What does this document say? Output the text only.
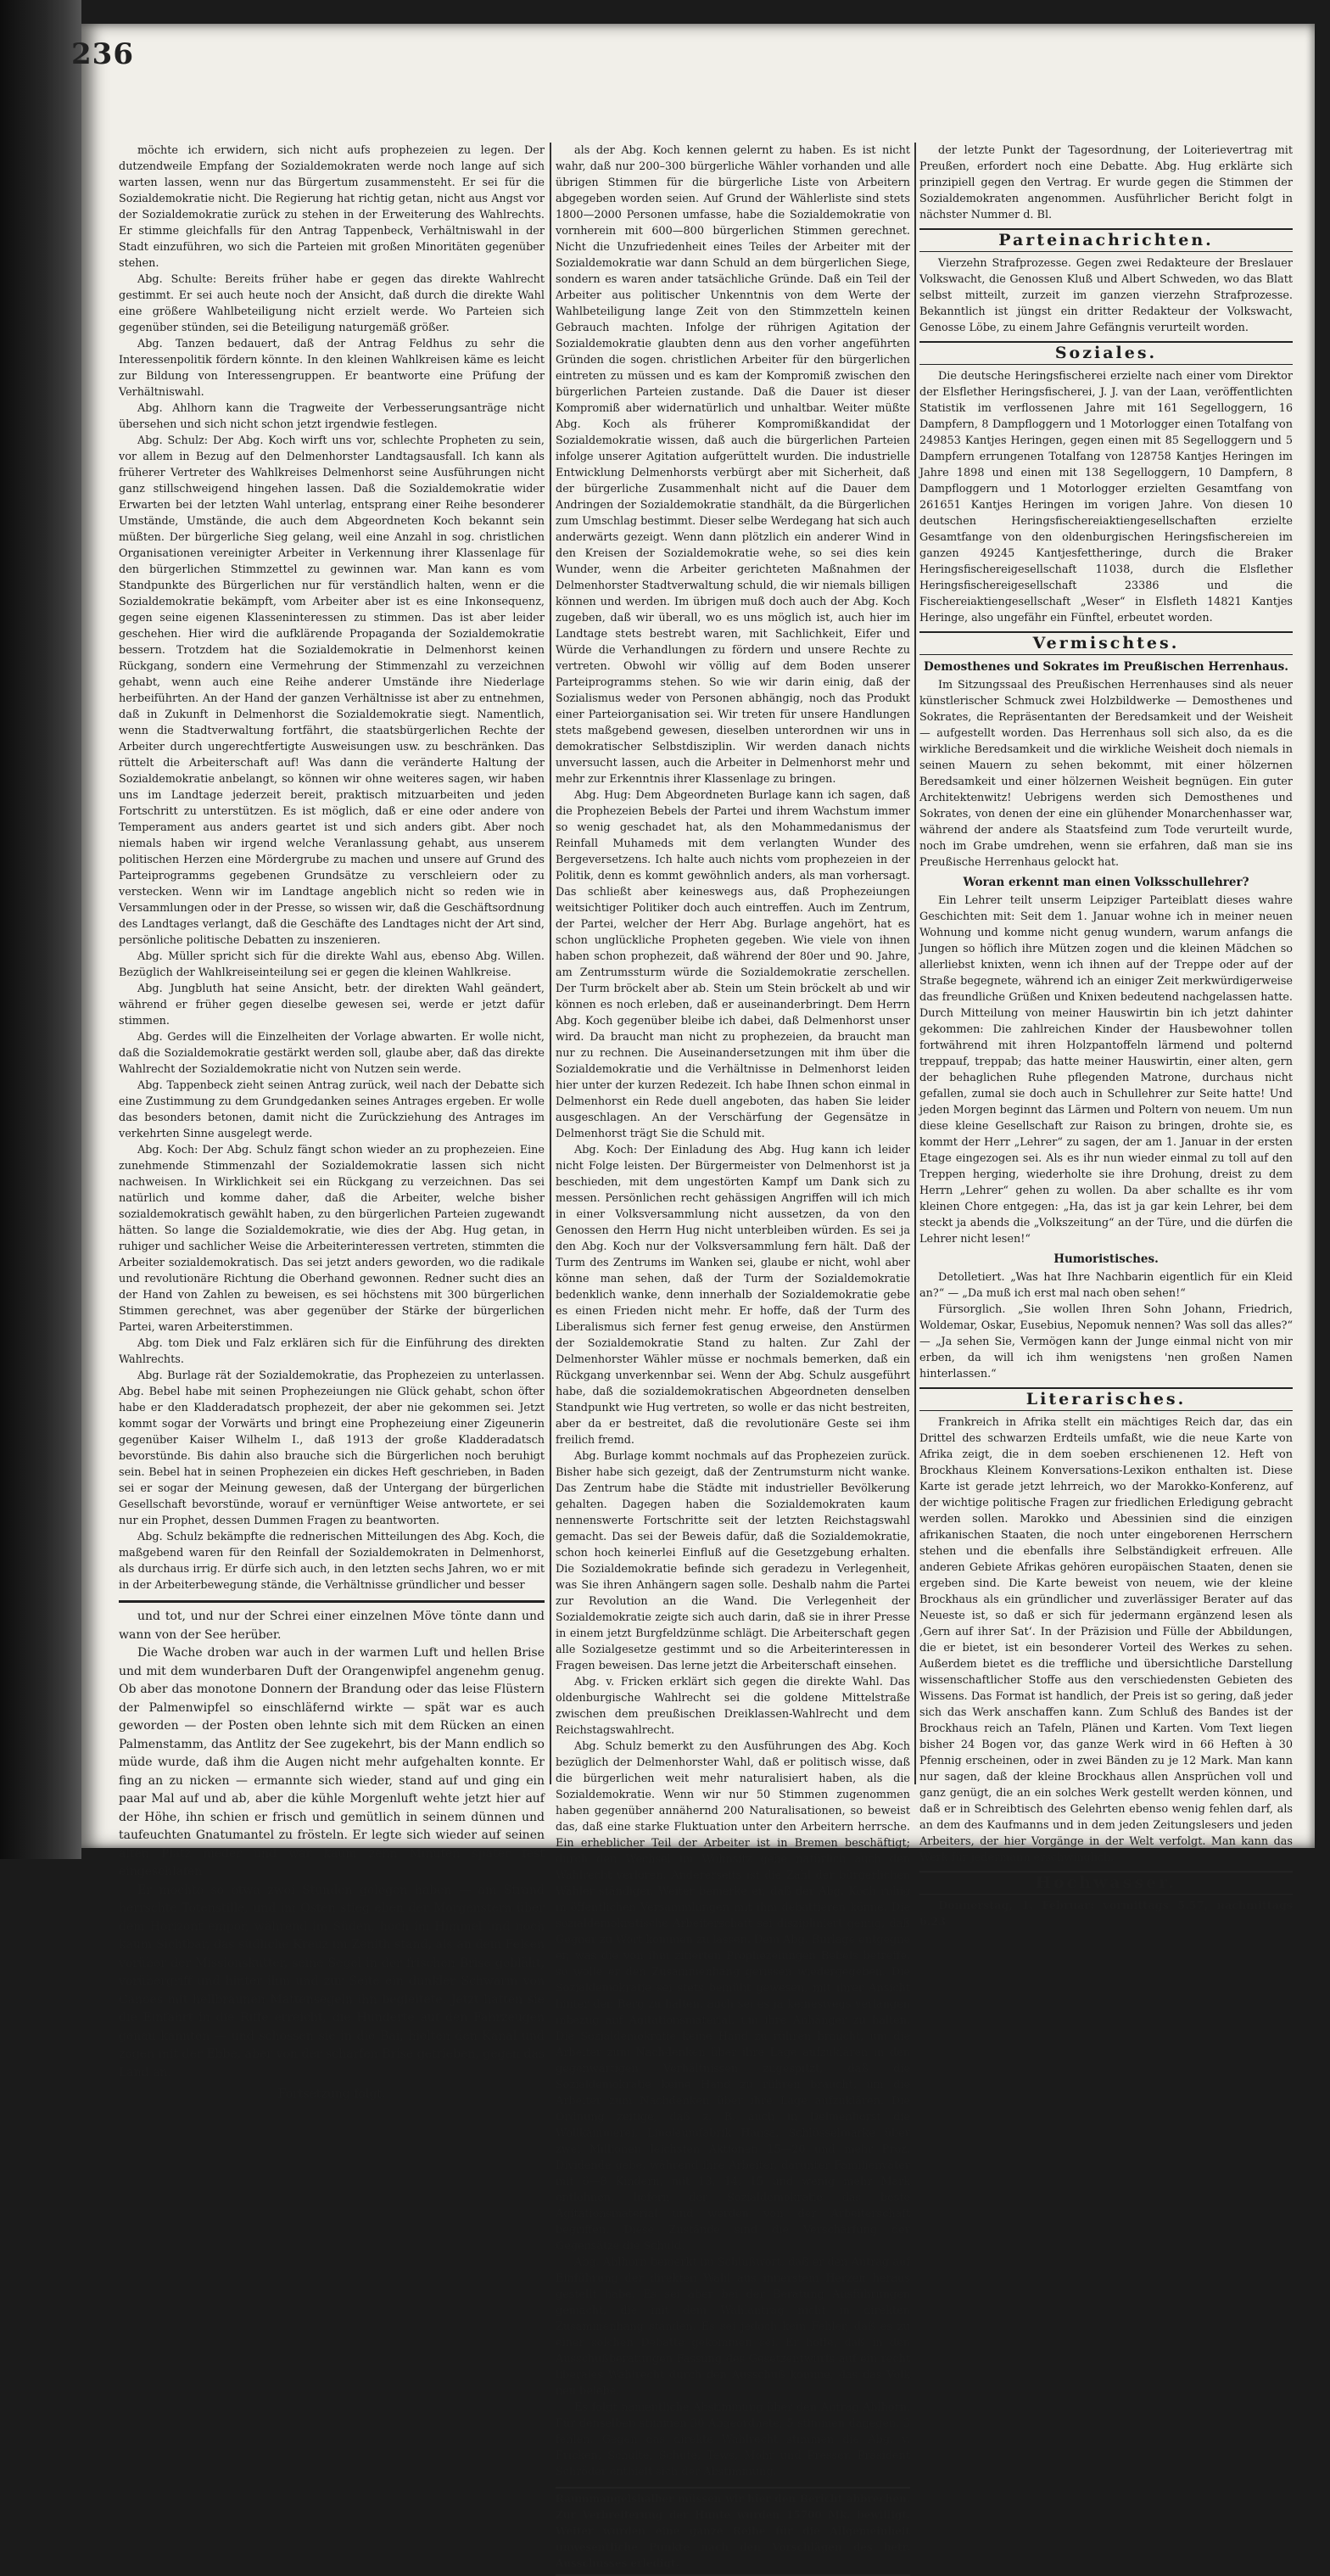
236

möchte ich erwidern, sich nicht aufs prophezeien zu legen. Der dutzendweile Empfang der Sozialdemokraten werde noch lange auf sich warten lassen, wenn nur das Bürgertum zusammensteht. Er sei für die Sozialdemokratie nicht. Die Regierung hat richtig getan, nicht aus Angst vor der Sozialdemokratie zurück zu stehen in der Erweiterung des Wahlrechts. Er stimme gleichfalls für den Antrag Tappenbeck, Verhältniswahl in der Stadt einzuführen, wo sich die Parteien mit großen Minoritäten gegenüber stehen.

Abg. Schulte: Bereits früher habe er gegen das direkte Wahlrecht gestimmt. Er sei auch heute noch der Ansicht, daß durch die direkte Wahl eine größere Wahlbeteiligung nicht erzielt werde. Wo Parteien sich gegenüber stünden, sei die Beteiligung naturgemäß größer.

Abg. Tanzen bedauert, daß der Antrag Feldhus zu sehr die Interessenpolitik fördern könnte. In den kleinen Wahlkreisen käme es leicht zur Bildung von Interessengruppen. Er beantworte eine Prüfung der Verhältniswahl.

Abg. Ahlhorn kann die Tragweite der Verbesserungsanträge nicht übersehen und sich nicht schon jetzt irgendwie festlegen.

Abg. Schulz: Der Abg. Koch wirft uns vor, schlechte Propheten zu sein, vor allem in Bezug auf den Delmenhorster Landtagsausfall. Ich kann als früherer Vertreter des Wahlkreises Delmenhorst seine Ausführungen nicht ganz stillschweigend hingehen lassen. Daß die Sozialdemokratie wider Erwarten bei der letzten Wahl unterlag, entsprang einer Reihe besonderer Umstände, Umstände, die auch dem Abgeordneten Koch bekannt sein müßten. Der bürgerliche Sieg gelang, weil eine Anzahl in sog. christlichen Organisationen vereinigter Arbeiter in Verkennung ihrer Klassenlage für den bürgerlichen Stimmzettel zu gewinnen war. Man kann es vom Standpunkte des Bürgerlichen nur für verständlich halten, wenn er die Sozialdemokratie bekämpft, vom Arbeiter aber ist es eine Inkonsequenz, gegen seine eigenen Klasseninteressen zu stimmen. Das ist aber leider geschehen. Hier wird die aufklärende Propaganda der Sozialdemokratie bessern. Trotzdem hat die Sozialdemokratie in Delmenhorst keinen Rückgang, sondern eine Vermehrung der Stimmenzahl zu verzeichnen gehabt, wenn auch eine Reihe anderer Umstände ihre Niederlage herbeiführten. An der Hand der ganzen Verhältnisse ist aber zu entnehmen, daß in Zukunft in Delmenhorst die Sozialdemokratie siegt. Namentlich, wenn die Stadtverwaltung fortfährt, die staatsbürgerlichen Rechte der Arbeiter durch ungerechtfertigte Ausweisungen usw. zu beschränken. Das rüttelt die Arbeiterschaft auf! Was dann die veränderte Haltung der Sozialdemokratie anbelangt, so können wir ohne weiteres sagen, wir haben uns im Landtage jederzeit bereit, praktisch mitzuarbeiten und jeden Fortschritt zu unterstützen. Es ist möglich, daß er eine oder andere von Temperament aus anders geartet ist und sich anders gibt. Aber noch niemals haben wir irgend welche Veranlassung gehabt, aus unserem politischen Herzen eine Mördergrube zu machen und unsere auf Grund des Parteiprogramms gegebenen Grundsätze zu verschleiern oder zu verstecken. Wenn wir im Landtage angeblich nicht so reden wie in Versammlungen oder in der Presse, so wissen wir, daß die Geschäftsordnung des Landtages verlangt, daß die Geschäfte des Landtages nicht der Art sind, persönliche politische Debatten zu inszenieren.

Abg. Müller spricht sich für die direkte Wahl aus, ebenso Abg. Willen. Bezüglich der Wahlkreiseinteilung sei er gegen die kleinen Wahlkreise.

Abg. Jungbluth hat seine Ansicht, betr. der direkten Wahl geändert, während er früher gegen dieselbe gewesen sei, werde er jetzt dafür stimmen.

Abg. Gerdes will die Einzelheiten der Vorlage abwarten. Er wolle nicht, daß die Sozialdemokratie gestärkt werden soll, glaube aber, daß das direkte Wahlrecht der Sozialdemokratie nicht von Nutzen sein werde.

Abg. Tappenbeck zieht seinen Antrag zurück, weil nach der Debatte sich eine Zustimmung zu dem Grundgedanken seines Antrages ergeben. Er wolle das besonders betonen, damit nicht die Zurückziehung des Antrages im verkehrten Sinne ausgelegt werde.

Abg. Koch: Der Abg. Schulz fängt schon wieder an zu prophezeien. Eine zunehmende Stimmenzahl der Sozialdemokratie lassen sich nicht nachweisen. In Wirklichkeit sei ein Rückgang zu verzeichnen. Das sei natürlich und komme daher, daß die Arbeiter, welche bisher sozialdemokratisch gewählt haben, zu den bürgerlichen Parteien zugewandt hätten. So lange die Sozialdemokratie, wie dies der Abg. Hug getan, in ruhiger und sachlicher Weise die Arbeiterinteressen vertreten, stimmten die Arbeiter sozialdemokratisch. Das sei jetzt anders geworden, wo die radikale und revolutionäre Richtung die Oberhand gewonnen. Redner sucht dies an der Hand von Zahlen zu beweisen, es sei höchstens mit 300 bürgerlichen Stimmen gerechnet, was aber gegenüber der Stärke der bürgerlichen Partei, waren Arbeiterstimmen.

Abg. tom Diek und Falz erklären sich für die Einführung des direkten Wahlrechts.

Abg. Burlage rät der Sozialdemokratie, das Prophezeien zu unterlassen. Abg. Bebel habe mit seinen Prophezeiungen nie Glück gehabt, schon öfter habe er den Kladderadatsch prophezeit, der aber nie gekommen sei. Jetzt kommt sogar der Vorwärts und bringt eine Prophezeiung einer Zigeunerin gegenüber Kaiser Wilhelm I., daß 1913 der große Kladderadatsch bevorstünde. Bis dahin also brauche sich die Bürgerlichen noch beruhigt sein. Bebel hat in seinen Prophezeien ein dickes Heft geschrieben, in Baden sei er sogar der Meinung gewesen, daß der Untergang der bürgerlichen Gesellschaft bevorstünde, worauf er vernünftiger Weise antwortete, er sei nur ein Prophet, dessen Dummen Fragen zu beantworten.

Abg. Schulz bekämpfte die rednerischen Mitteilungen des Abg. Koch, die maßgebend waren für den Reinfall der Sozialdemokraten in Delmenhorst, als durchaus irrig. Er dürfe sich auch, in den letzten sechs Jahren, wo er mit in der Arbeiterbewegung stände, die Verhältnisse gründlicher und besser

und tot, und nur der Schrei einer einzelnen Möve tönte dann und wann von der See herüber.

Die Wache droben war auch in der warmen Luft und hellen Brise und mit dem wunderbaren Duft der Orangenwipfel angenehm genug. Ob aber das monotone Donnern der Brandung oder das leise Flüstern der Palmenwipfel so einschläfernd wirkte — spät war es auch geworden — der Posten oben lehnte sich mit dem Rücken an einen Palmenstamm, das Antlitz der See zugekehrt, bis der Mann endlich so müde wurde, daß ihm die Augen nicht mehr aufgehalten konnte. Er fing an zu nicken — ermannte sich wieder, stand auf und ging ein paar Mal auf und ab, aber die kühle Morgenluft wehte jetzt hier auf der Höhe, ihn schien er frisch und gemütlich in seinem dünnen und taufeuchten Gnatumantel zu frösteln. Er legte sich wieder auf seinen alten Platz nieder und war kaum zehn Minuten später fest eingeschlafen.

Er mochte so etwa zwei Stunden gelegen haben — am Strand herrschte Totenstille, und im Osten stieg eben der Morgenstern über dem Horizont empor, während im Süden, hoch im Himmel und noch kaum Sichtbar, das südliche Kreuz im Zenith stand, als an dem Felsen vorüber der Missionskutter, seine Segel in der frischen Brise gebläht, vorübergriff und hinter ihm und zur Seite ein dunkler Schwarm von Canoes mit hellbraunen Mattensegeln ihn begleitete. Jetzt hatten sie die Einfahrt in die Riffe erreicht, die Hunderte auf den Fahrzeugen genau kannten — und schossen sie in die Bai, hielten den Kanal und zogen mit der Ebbe, aber von der scharfen Brise getrieben, gegen das Land an.

Fortsetzung folgt.

als der Abg. Koch kennen gelernt zu haben. Es ist nicht wahr, daß nur 200–300 bürgerliche Wähler vorhanden und alle übrigen Stimmen für die bürgerliche Liste von Arbeitern abgegeben worden seien. Auf Grund der Wählerliste sind stets 1800—2000 Personen umfasse, habe die Sozialdemokratie von vornherein mit 600—800 bürgerlichen Stimmen gerechnet. Nicht die Unzufriedenheit eines Teiles der Arbeiter mit der Sozialdemokratie war dann Schuld an dem bürgerlichen Siege, sondern es waren ander tatsächliche Gründe. Daß ein Teil der Arbeiter aus politischer Unkenntnis von dem Werte der Wahlbeteiligung lange Zeit von den Stimmzetteln keinen Gebrauch machten. Infolge der rührigen Agitation der Sozialdemokratie glaubten denn aus den vorher angeführten Gründen die sogen. christlichen Arbeiter für den bürgerlichen eintreten zu müssen und es kam der Kompromiß zwischen den bürgerlichen Parteien zustande. Daß die Dauer ist dieser Kompromiß aber widernatürlich und unhaltbar. Weiter müßte Abg. Koch als früherer Kompromißkandidat der Sozialdemokratie wissen, daß auch die bürgerlichen Parteien infolge unserer Agitation aufgerüttelt wurden. Die industrielle Entwicklung Delmenhorsts verbürgt aber mit Sicherheit, daß der bürgerliche Zusammenhalt nicht auf die Dauer dem Andringen der Sozialdemokratie standhält, da die Bürgerlichen zum Umschlag bestimmt. Dieser selbe Werdegang hat sich auch anderwärts gezeigt. Wenn dann plötzlich ein anderer Wind in den Kreisen der Sozialdemokratie wehe, so sei dies kein Wunder, wenn die Arbeiter gerichteten Maßnahmen der Delmenhorster Stadtverwaltung schuld, die wir niemals billigen können und werden. Im übrigen muß doch auch der Abg. Koch zugeben, daß wir überall, wo es uns möglich ist, auch hier im Landtage stets bestrebt waren, mit Sachlichkeit, Eifer und Würde die Verhandlungen zu fördern und unsere Rechte zu vertreten. Obwohl wir völlig auf dem Boden unserer Parteiprogramms stehen. So wie wir darin einig, daß der Sozialismus weder von Personen abhängig, noch das Produkt einer Parteiorganisation sei. Wir treten für unsere Handlungen stets maßgebend gewesen, dieselben unterordnen wir uns in demokratischer Selbstdisziplin. Wir werden danach nichts unversucht lassen, auch die Arbeiter in Delmenhorst mehr und mehr zur Erkenntnis ihrer Klassenlage zu bringen.

Abg. Hug: Dem Abgeordneten Burlage kann ich sagen, daß die Prophezeien Bebels der Partei und ihrem Wachstum immer so wenig geschadet hat, als den Mohammedanismus der Reinfall Muhameds mit dem verlangten Wunder des Bergeversetzens. Ich halte auch nichts vom prophezeien in der Politik, denn es kommt gewöhnlich anders, als man vorhersagt. Das schließt aber keineswegs aus, daß Prophezeiungen weitsichtiger Politiker doch auch eintreffen. Auch im Zentrum, der Partei, welcher der Herr Abg. Burlage angehört, hat es schon unglückliche Propheten gegeben. Wie viele von ihnen haben schon prophezeit, daß während der 80er und 90. Jahre, am Zentrumssturm würde die Sozialdemokratie zerschellen. Der Turm bröckelt aber ab. Stein um Stein bröckelt ab und wir können es noch erleben, daß er auseinanderbringt. Dem Herrn Abg. Koch gegenüber bleibe ich dabei, daß Delmenhorst unser wird. Da braucht man nicht zu prophezeien, da braucht man nur zu rechnen. Die Auseinandersetzungen mit ihm über die Sozialdemokratie und die Verhältnisse in Delmenhorst leiden hier unter der kurzen Redezeit. Ich habe Ihnen schon einmal in Delmenhorst ein Rede duell angeboten, das haben Sie leider ausgeschlagen. An der Verschärfung der Gegensätze in Delmenhorst trägt Sie die Schuld mit.

Abg. Koch: Der Einladung des Abg. Hug kann ich leider nicht Folge leisten. Der Bürgermeister von Delmenhorst ist ja beschieden, mit dem ungestörten Kampf um Dank sich zu messen. Persönlichen recht gehässigen Angriffen will ich mich in einer Volksversammlung nicht aussetzen, da von den Genossen den Herrn Hug nicht unterbleiben würden. Es sei ja den Abg. Koch nur der Volksversammlung fern hält. Daß der Turm des Zentrums im Wanken sei, glaube er nicht, wohl aber könne man sehen, daß der Turm der Sozialdemokratie bedenklich wanke, denn innerhalb der Sozialdemokratie gebe es einen Frieden nicht mehr. Er hoffe, daß der Turm des Liberalismus sich ferner fest genug erweise, den Anstürmen der Sozialdemokratie Stand zu halten. Zur Zahl der Delmenhorster Wähler müsse er nochmals bemerken, daß ein Rückgang unverkennbar sei. Wenn der Abg. Schulz ausgeführt habe, daß die sozialdemokratischen Abgeordneten denselben Standpunkt wie Hug vertreten, so wolle er das nicht bestreiten, aber da er bestreitet, daß die revolutionäre Geste sei ihm freilich fremd.

Abg. Burlage kommt nochmals auf das Prophezeien zurück. Bisher habe sich gezeigt, daß der Zentrumsturm nicht wanke. Das Zentrum habe die Städte mit industrieller Bevölkerung gehalten. Dagegen haben die Sozialdemokraten kaum nennenswerte Fortschritte seit der letzten Reichstagswahl gemacht. Das sei der Beweis dafür, daß die Sozialdemokratie, schon hoch keinerlei Einfluß auf die Gesetzgebung erhalten. Die Sozialdemokratie befinde sich geradezu in Verlegenheit, was Sie ihren Anhängern sagen solle. Deshalb nahm die Partei zur Revolution an die Wand. Die Verlegenheit der Sozialdemokratie zeigte sich auch darin, daß sie in ihrer Presse in einem jetzt Burgfeldzünme schlägt. Die Arbeiterschaft gegen alle Sozialgesetze gestimmt und so die Arbeiterinteressen in Fragen beweisen. Das lerne jetzt die Arbeiterschaft einsehen.

Abg. v. Fricken erklärt sich gegen die direkte Wahl. Das oldenburgische Wahlrecht sei die goldene Mittelstraße zwischen dem preußischen Dreiklassen-Wahlrecht und dem Reichstagswahlrecht.

Abg. Schulz bemerkt zu den Ausführungen des Abg. Koch bezüglich der Delmenhorster Wahl, daß er politisch wisse, daß die bürgerlichen weit mehr naturalisiert haben, als die Sozialdemokratie. Wenn wir nur 50 Stimmen zugenommen haben gegenüber annähernd 200 Naturalisationen, so beweist das, daß eine starke Fluktuation unter den Arbeitern herrsche. Ein erheblicher Teil der Arbeiter ist in Bremen beschäftigt; durch den Wechsel im Wohnsitz gehe natürlich auch den Wahlrecht verloren. Andererseits ist die Zahl der bürgerlichen Wähler ständiger. Weiter bemerke er, daß der Abg. Koch ruhig in öffentlichen Versammlungen mit ihm debattieren könne. Die sozialdemokratische Arbeiterschaft sei diszipliniert genug, daß Gegner zu Wort kommen zu lassen. Dem Abg. Burlage entgegne er, was die von ihm zitierten Prophezeiungen Bebels betreffe, so wolle er den Zusammenhang gerissen wiedergegeben. Die Sozialdemokratie sei stets bemüht gewesen, mit ihrer Ansicht hinter den Berg zu halten, auch sei es ja keineswegs verlangen inbezug auf Agitationsmaterial, um ihre Anhänger zu halten. Die Sozialdemokratie keine Hand zu rühren braucht, um die Arbeiter zum Nachdenken über ihre Lage aufzuklären in den gegenwärtigen Verhältnissen zugespitzt, daß die Sozialdemokratie keine Hand zu rühren braucht, um die Arbeiter zum Nachdenken über ihre Lage aufzuklären. Die Ordnung zeitige, daß z. B. auch in Delmenhorst die Wollkämmerei, Linoleumfabrik Hansa, Schlüsselmarke über zwei Millionen leichsten Aktionen 15—20 und mehr Proz. Dividende gebe, während ihre Arbeiter, darunter Familienväter mit 6—8 Kindern, mit 13, 14, 15 und wenig mehr Mark entlohnen, liefern der Sozialdemokratie das beste Agitationsmaterial und werden von der Arbeiterschaft begriffen. Diese Zustände sind die Verschärfung der Gegensätze die Schuld.

Abg. Ahlhorn bemerkt im Schlußwort, daß er den Antrag auf Einführung der direkten Wahl aus innerstem Herzen heraus gestellt habe. Es sei aber bei der Beratung Ausführungen gemacht, die mit dem Wahlantrag nicht in direkten Zusammenhang ständen. Es sei jedoch kein Fehler, daß es zu einer solchen Debatte gekommen sei. Er hoffe, daß in den Ausschußberatungen Fassung des Gesetzentwurfs auf ein recht liberales Wahlrecht durch den Ausschuß komme, das das Volk neu belebe.

Es folgt namentliche Abstimmung über den Antrag Ahlhorn. Für denselben stimmen 30 Abgeordnete, 5 stimmen dagegen, 3 fehlen. Gegen das direkte Wahlrecht stimmen die Abg. v. Fricken, Schulte, Schute, Tews, Mohr und Presser. Präsident Schröder enthielt sich der Abstimmung.

Raummangelshalber müssen wir hier den Bericht abbrechen. Zur Verbreiterung der Hunte wurden 15700 Mk. bewilligt. Weiter wurden eine ganze Reihe für die Allgemeinheit unwesentliche Punkte nach den Vorschlägen des betr. Ausschusses erledigt.

der letzte Punkt der Tagesordnung, der Loiterievertrag mit Preußen, erfordert noch eine Debatte. Abg. Hug erklärte sich prinzipiell gegen den Vertrag. Er wurde gegen die Stimmen der Sozialdemokraten angenommen. Ausführlicher Bericht folgt in nächster Nummer d. Bl.

Parteinachrichten.

Vierzehn Strafprozesse. Gegen zwei Redakteure der Breslauer Volkswacht, die Genossen Kluß und Albert Schweden, wo das Blatt selbst mitteilt, zurzeit im ganzen vierzehn Strafprozesse. Bekanntlich ist jüngst ein dritter Redakteur der Volkswacht, Genosse Löbe, zu einem Jahre Gefängnis verurteilt worden.

Soziales.

Die deutsche Heringsfischerei erzielte nach einer vom Direktor der Elsflether Heringsfischerei, J. J. van der Laan, veröffentlichten Statistik im verflossenen Jahre mit 161 Segelloggern, 16 Dampfern, 8 Dampfloggern und 1 Motorlogger einen Totalfang von 249853 Kantjes Heringen, gegen einen mit 85 Segelloggern und 5 Dampfern errungenen Totalfang von 128758 Kantjes Heringen im Jahre 1898 und einen mit 138 Segelloggern, 10 Dampfern, 8 Dampfloggern und 1 Motorlogger erzielten Gesamtfang von 261651 Kantjes Heringen im vorigen Jahre. Von diesen 10 deutschen Heringsfischereiaktiengesellschaften erzielte Gesamtfange von den oldenburgischen Heringsfischereien im ganzen 49245 Kantjesfettheringe, durch die Braker Heringsfischereigesellschaft 11038, durch die Elsflether Heringsfischereigesellschaft 23386 und die Fischereiaktiengesellschaft „Weser“ in Elsfleth 14821 Kantjes Heringe, also ungefähr ein Fünftel, erbeutet worden.

Vermischtes.
Demosthenes und Sokrates im Preußischen Herrenhaus.

Im Sitzungssaal des Preußischen Herrenhauses sind als neuer künstlerischer Schmuck zwei Holzbildwerke — Demosthenes und Sokrates, die Repräsentanten der Beredsamkeit und der Weisheit — aufgestellt worden. Das Herrenhaus soll sich also, da es die wirkliche Beredsamkeit und die wirkliche Weisheit doch niemals in seinen Mauern zu sehen bekommt, mit einer hölzernen Beredsamkeit und einer hölzernen Weisheit begnügen. Ein guter Architektenwitz! Uebrigens werden sich Demosthenes und Sokrates, von denen der eine ein glühender Monarchenhasser war, während der andere als Staatsfeind zum Tode verurteilt wurde, noch im Grabe umdrehen, wenn sie erfahren, daß man sie ins Preußische Herrenhaus gelockt hat.

Woran erkennt man einen Volksschullehrer?

Ein Lehrer teilt unserm Leipziger Parteiblatt dieses wahre Geschichten mit: Seit dem 1. Januar wohne ich in meiner neuen Wohnung und komme nicht genug wundern, warum anfangs die Jungen so höflich ihre Mützen zogen und die kleinen Mädchen so allerliebst knixten, wenn ich ihnen auf der Treppe oder auf der Straße begegnete, während ich an einiger Zeit merkwürdigerweise das freundliche Grüßen und Knixen bedeutend nachgelassen hatte. Durch Mitteilung von meiner Hauswirtin bin ich jetzt dahinter gekommen: Die zahlreichen Kinder der Hausbewohner tollen fortwährend mit ihren Holzpantoffeln lärmend und polternd treppauf, treppab; das hatte meiner Hauswirtin, einer alten, gern der behaglichen Ruhe pflegenden Matrone, durchaus nicht gefallen, zumal sie doch auch in Schullehrer zur Seite hatte! Und jeden Morgen beginnt das Lärmen und Poltern von neuem. Um nun diese kleine Gesellschaft zur Raison zu bringen, drohte sie, es kommt der Herr „Lehrer“ zu sagen, der am 1. Januar in der ersten Etage eingezogen sei. Als es ihr nun wieder einmal zu toll auf den Treppen herging, wiederholte sie ihre Drohung, dreist zu dem Herrn „Lehrer“ gehen zu wollen. Da aber schallte es ihr vom kleinen Chore entgegen: „Ha, das ist ja gar kein Lehrer, bei dem steckt ja abends die „Volkszeitung“ an der Türe, und die dürfen die Lehrer nicht lesen!“

Humoristisches.

Detolletiert. „Was hat Ihre Nachbarin eigentlich für ein Kleid an?“ — „Da muß ich erst mal nach oben sehen!“

Fürsorglich. „Sie wollen Ihren Sohn Johann, Friedrich, Woldemar, Oskar, Eusebius, Nepomuk nennen? Was soll das alles?“ — „Ja sehen Sie, Vermögen kann der Junge einmal nicht von mir erben, da will ich ihm wenigstens 'nen großen Namen hinterlassen.“

Literarisches.

Frankreich in Afrika stellt ein mächtiges Reich dar, das ein Drittel des schwarzen Erdteils umfaßt, wie die neue Karte von Afrika zeigt, die in dem soeben erschienenen 12. Heft von Brockhaus Kleinem Konversations-Lexikon enthalten ist. Diese Karte ist gerade jetzt lehrreich, wo der Marokko-Konferenz, auf der wichtige politische Fragen zur friedlichen Erledigung gebracht werden sollen. Marokko und Abessinien sind die einzigen afrikanischen Staaten, die noch unter eingeborenen Herrschern stehen und die ebenfalls ihre Selbständigkeit erfreuen. Alle anderen Gebiete Afrikas gehören europäischen Staaten, denen sie ergeben sind. Die Karte beweist von neuem, wie der kleine Brockhaus als ein gründlicher und zuverlässiger Berater auf das Neueste ist, so daß er sich für jedermann ergänzend lesen als ‚Gern auf ihrer Sat‘. In der Präzision und Fülle der Abbildungen, die er bietet, ist ein besonderer Vorteil des Werkes zu sehen. Außerdem bietet es die treffliche und übersichtliche Darstellung wissenschaftlicher Stoffe aus den verschiedensten Gebieten des Wissens. Das Format ist handlich, der Preis ist so gering, daß jeder sich das Werk anschaffen kann. Zum Schluß des Bandes ist der Brockhaus reich an Tafeln, Plänen und Karten. Vom Text liegen bisher 24 Bogen vor, das ganze Werk wird in 66 Heften à 30 Pfennig erscheinen, oder in zwei Bänden zu je 12 Mark. Man kann nur sagen, daß der kleine Brockhaus allen Ansprüchen voll und ganz genügt, die an ein solches Werk gestellt werden können, und daß er in Schreibtisch des Gelehrten ebenso wenig fehlen darf, als an dem des Kaufmanns und in dem jeden Zeitungslesers und jeden Arbeiters, der hier Vorgänge in der Welt verfolgt. Man kann das Werk für jedermann erschwinglich.

Hochwasser.

Donnerstag, 1. Februar: vormittags 5.57, nachmittags 6.23
